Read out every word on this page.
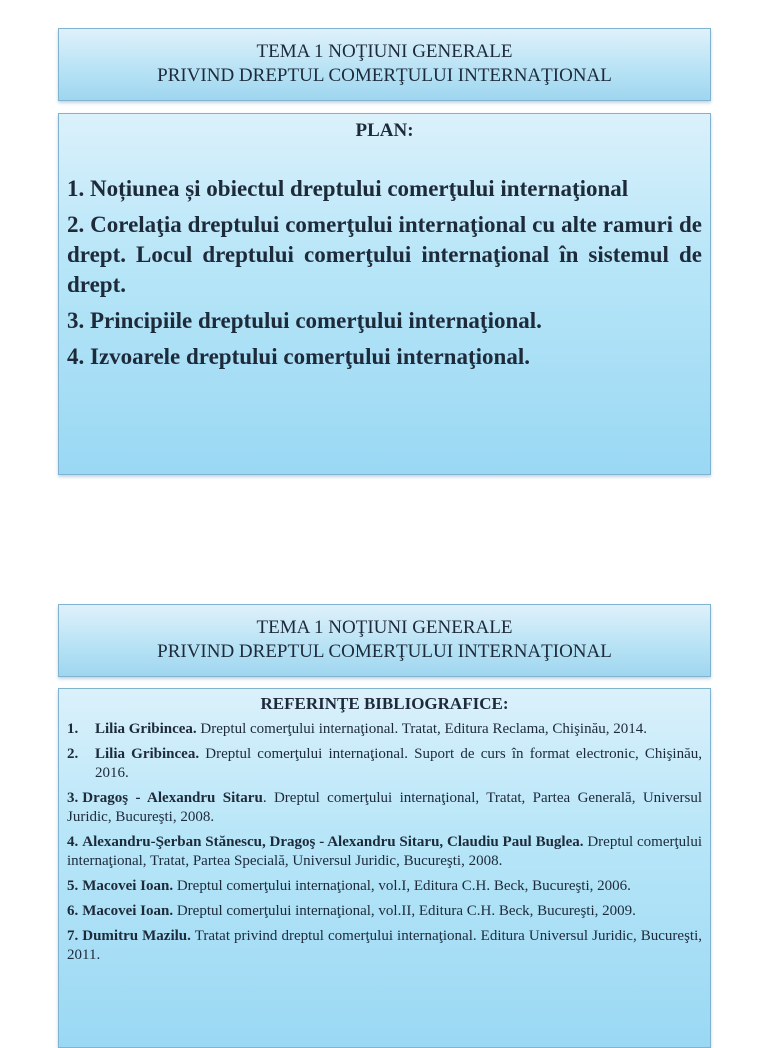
TEMA 1 NOŢIUNI GENERALE
PRIVIND DREPTUL COMERŢULUI INTERNAŢIONAL
PLAN:
1. Noțiunea și obiectul dreptului comerţului internaţional
2. Corelaţia dreptului comerţului internaţional cu alte ramuri de drept. Locul dreptului comerţului internaţional în sistemul de drept.
3. Principiile dreptului comerţului internaţional.
4. Izvoarele dreptului comerţului internaţional.
TEMA 1 NOŢIUNI GENERALE
PRIVIND DREPTUL COMERŢULUI INTERNAŢIONAL
REFERINŢE BIBLIOGRAFICE:
1. Lilia Gribincea. Dreptul comerţului internaţional. Tratat, Editura Reclama, Chişinău, 2014.
2. Lilia Gribincea. Dreptul comerţului internaţional. Suport de curs în format electronic, Chişinău, 2016.
3. Dragoş - Alexandru Sitaru. Dreptul comerţului internaţional, Tratat, Partea Generală, Universul Juridic, Bucureşti, 2008.
4. Alexandru-Şerban Stănescu, Dragoş - Alexandru Sitaru, Claudiu Paul Buglea. Dreptul comerţului internaţional, Tratat, Partea Specială, Universul Juridic, Bucureşti, 2008.
5. Macovei Ioan. Dreptul comerţului internaţional, vol.I, Editura C.H. Beck, Bucureşti, 2006.
6. Macovei Ioan. Dreptul comerţului internaţional, vol.II, Editura C.H. Beck, Bucureşti, 2009.
7. Dumitru Mazilu. Tratat privind dreptul comerţului internaţional. Editura Universul Juridic, Bucureşti, 2011.
